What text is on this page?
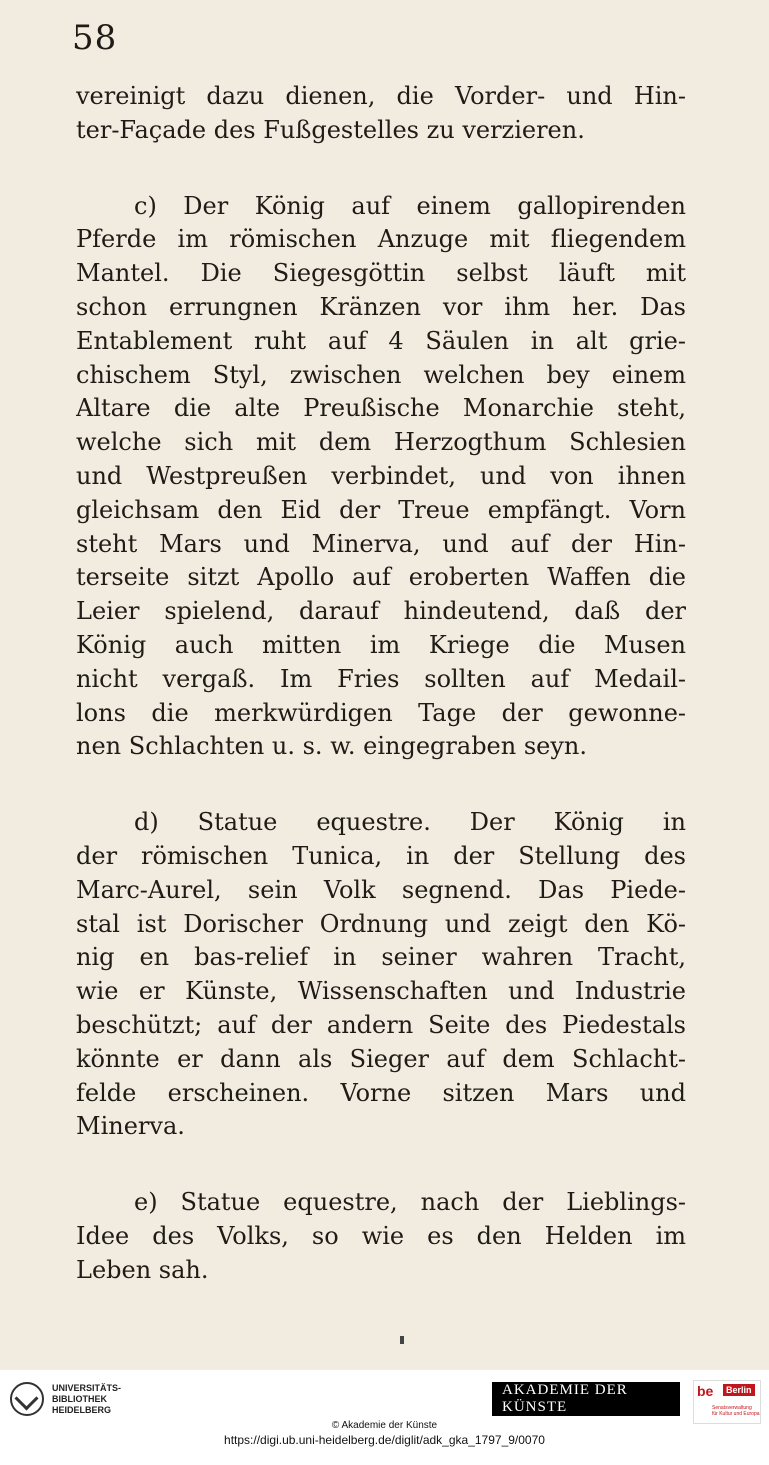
58
vereinigt dazu dienen, die Vorder- und Hin-
ter-Façade des Fußgestelles zu verzieren.
c) Der König auf einem gallopirenden
Pferde im römischen Anzuge mit fliegendem
Mantel. Die Siegesgöttin selbst läuft mit
schon errungnen Kränzen vor ihm her. Das
Entablement ruht auf 4 Säulen in alt grie-
chischem Styl, zwischen welchen bey einem
Altare die alte Preußische Monarchie steht,
welche sich mit dem Herzogthum Schlesien
und Westpreußen verbindet, und von ihnen
gleichsam den Eid der Treue empfängt. Vorn
steht Mars und Minerva, und auf der Hin-
terseite sitzt Apollo auf eroberten Waffen die
Leier spielend, darauf hindeutend, daß der
König auch mitten im Kriege die Musen
nicht vergaß. Im Fries sollten auf Medail-
lons die merkwürdigen Tage der gewonne-
nen Schlachten u. s. w. eingegraben seyn.
d) Statue equestre. Der König in
der römischen Tunica, in der Stellung des
Marc-Aurel, sein Volk segnend. Das Piede-
stal ist Dorischer Ordnung und zeigt den Kö-
nig en bas-relief in seiner wahren Tracht,
wie er Künste, Wissenschaften und Industrie
beschützt; auf der andern Seite des Piedestals
könnte er dann als Sieger auf dem Schlacht-
felde erscheinen. Vorne sitzen Mars und
Minerva.
e) Statue equestre, nach der Lieblings-
Idee des Volks, so wie es den Helden im
Leben sah.
UNIVERSITÄTS-
BIBLIOTHEK
HEIDELBERG
AKADEMIE DER KÜNSTE
be	Berlin
Senatsverwaltung
für Kultur und Europa
© Akademie der Künste
https://digi.ub.uni-heidelberg.de/diglit/adk_gka_1797_9/0070
